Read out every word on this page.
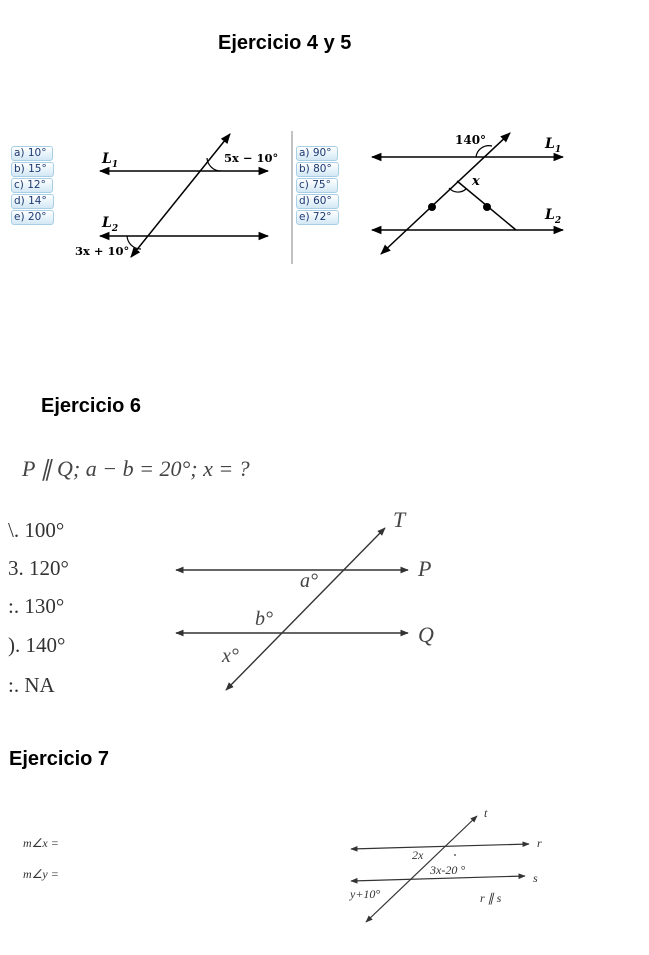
Ejercicio 4 y 5
Ejercicio 6
Ejercicio 7
a) 10°
b) 15°
c) 12°
d) 14°
e) 20°
$L_1$
$L_2$
5x − 10°
3x + 10°
a) 90°
b) 80°
c) 75°
d) 60°
e) 72°
140°
x
$L_1$
$L_2$
P ∥ Q; a − b = 20°; x = ?
\. 100°
3. 120°
:. 130°
). 140°
:. NA
T
P
Q
a°
b°
x°
m∠x =
m∠y =
t
r
s
2x
3x-20 °
y+10°	r ∥ s
